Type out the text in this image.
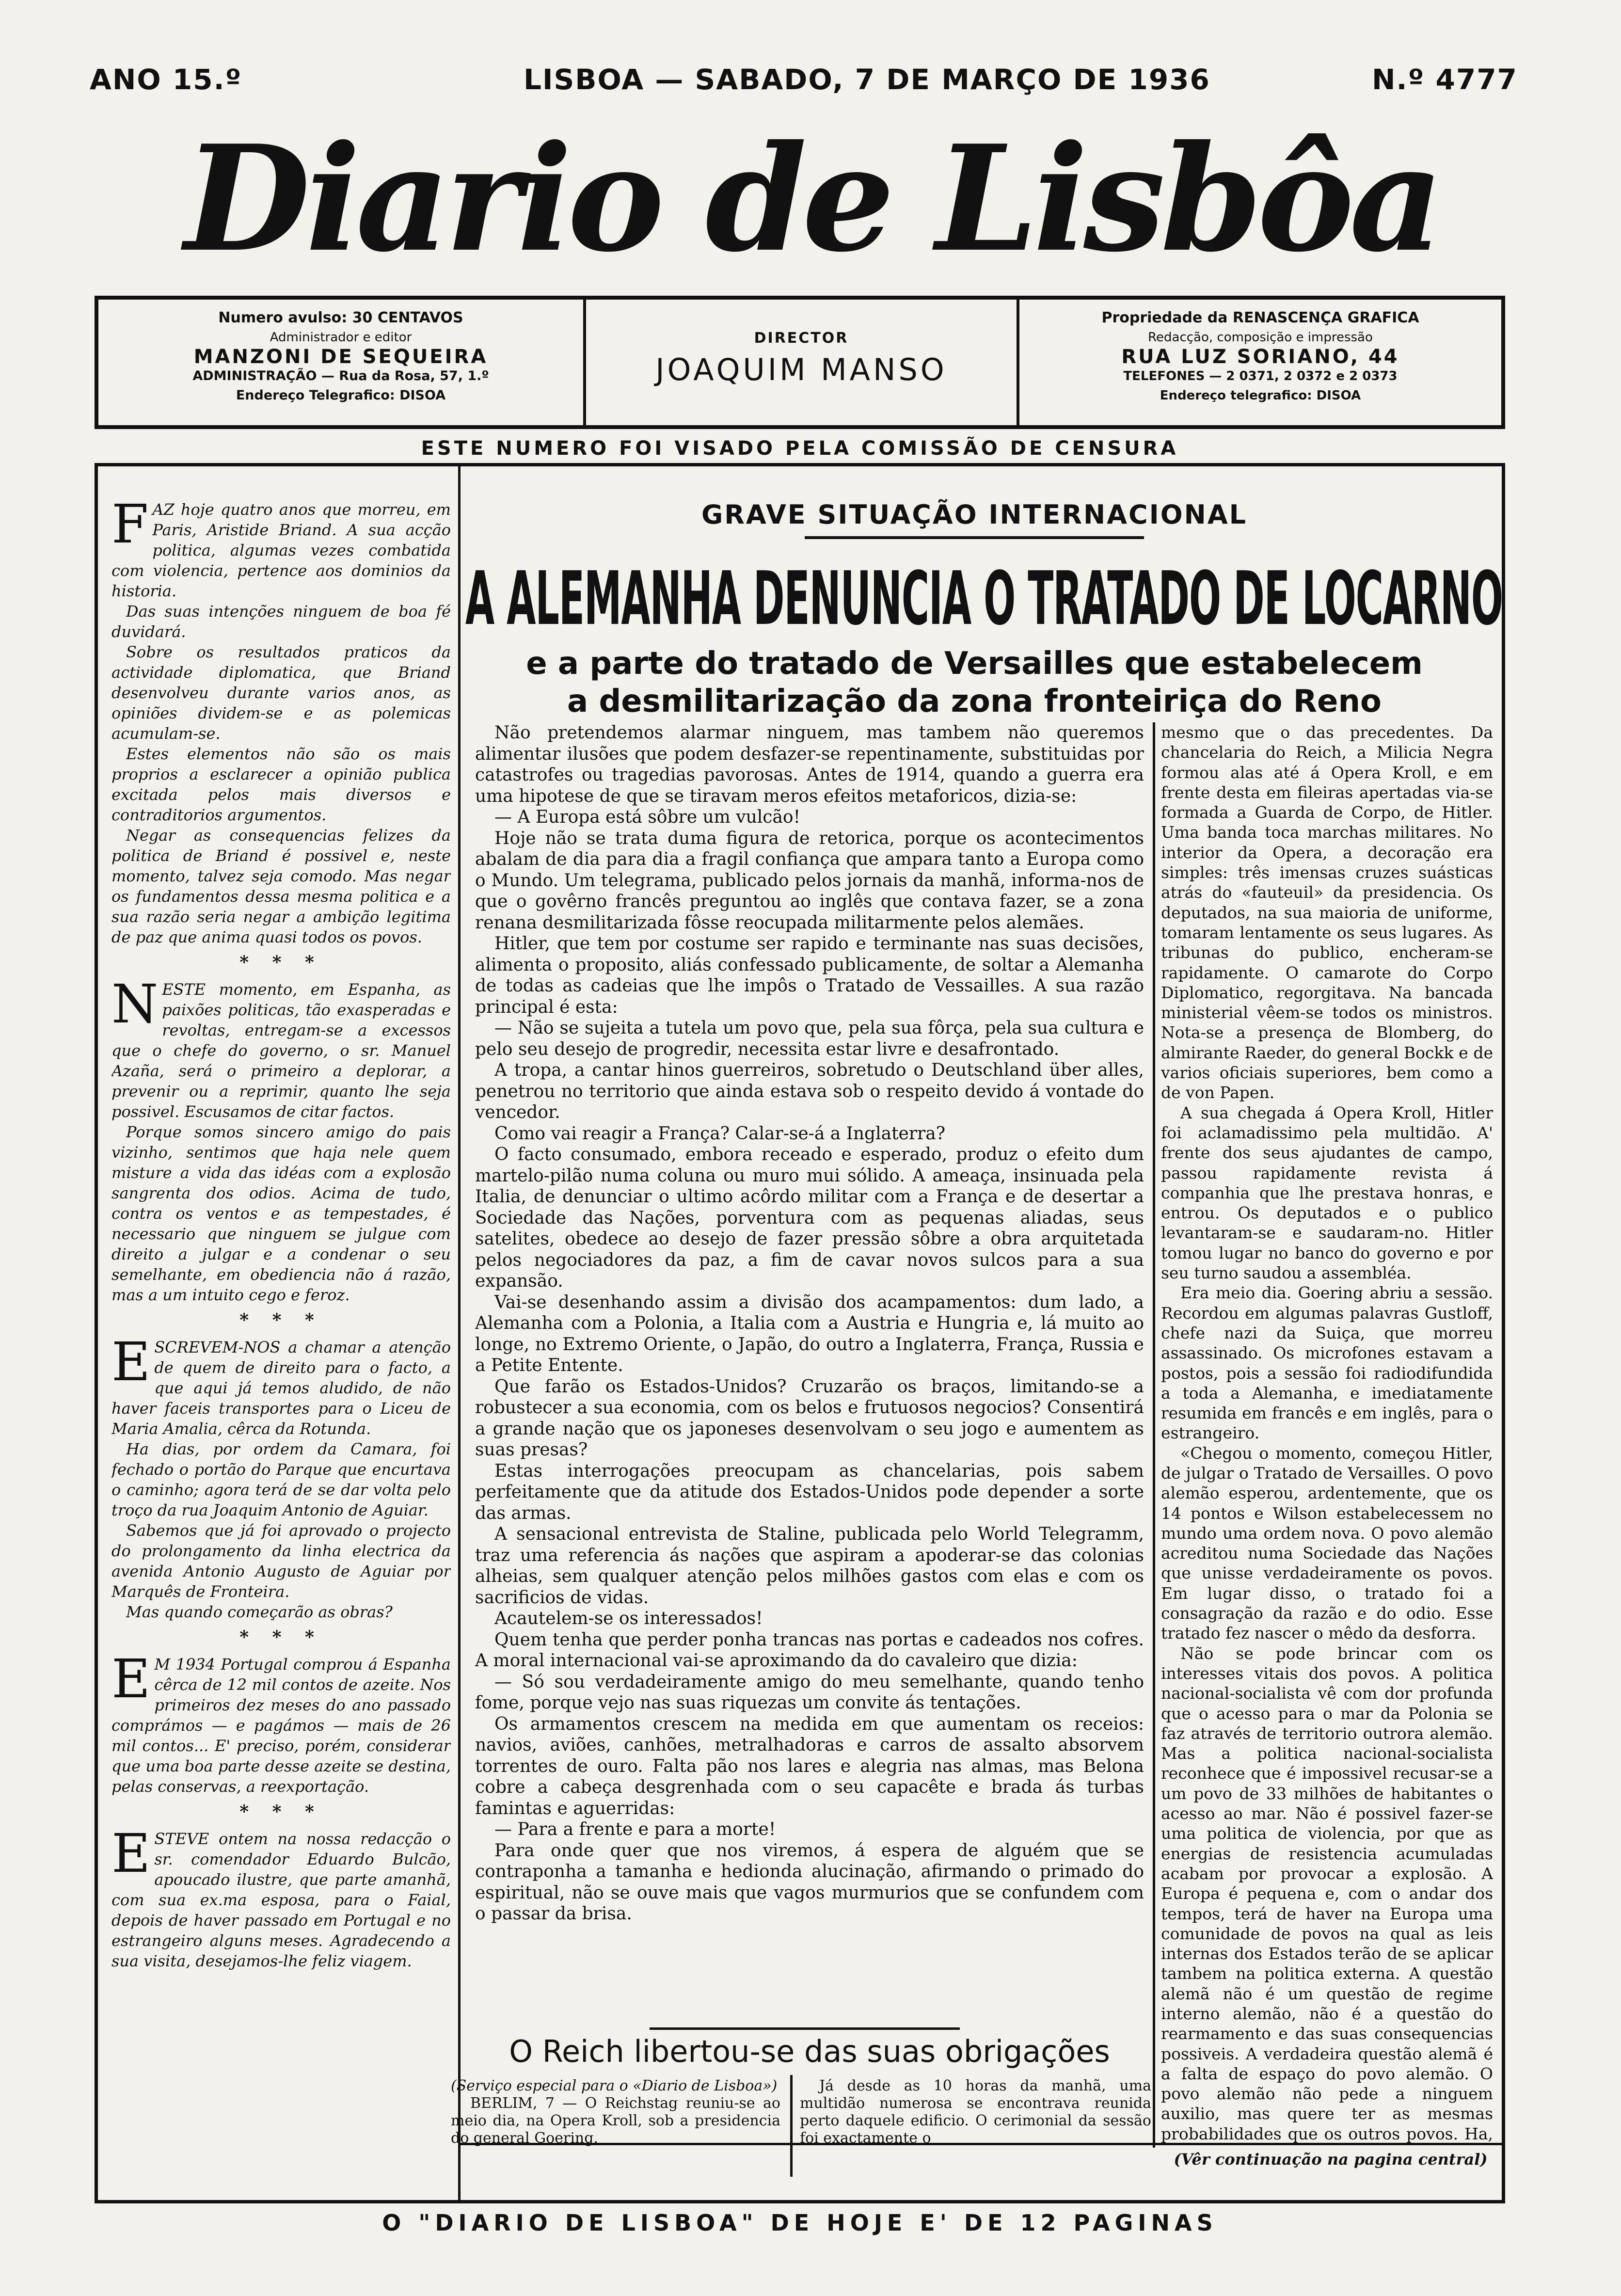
ANO 15.º	LISBOA — SABADO, 7 DE MARÇO DE 1936	N.º 4777
Diario de Lisbôa
Numero avulso: 30 CENTAVOS
Administrador e editor
MANZONI DE SEQUEIRA
ADMINISTRAÇÃO — Rua da Rosa, 57, 1.º
Endereço Telegrafico: DISOA
DIRECTOR
JOAQUIM MANSO
Propriedade da RENASCENÇA GRAFICA
Redacção, composição e impressão
RUA LUZ SORIANO, 44
TELEFONES — 2 0371, 2 0372 e 2 0373
Endereço telegrafico: DISOA
ESTE NUMERO FOI VISADO PELA COMISSÃO DE CENSURA

FAZ hoje quatro anos que morreu, em Paris, Aristide Briand. A sua acção politica, algumas vezes combatida com violencia, pertence aos dominios da historia.

Das suas intenções ninguem de boa fé duvidará.

Sobre os resultados praticos da actividade diplomatica, que Briand desenvolveu durante varios anos, as opiniões dividem-se e as polemicas acumulam-se.

Estes elementos não são os mais proprios a esclarecer a opinião publica excitada pelos mais diversos e contraditorios argumentos.

Negar as consequencias felizes da politica de Briand é possivel e, neste momento, talvez seja comodo. Mas negar os fundamentos dessa mesma politica e a sua razão seria negar a ambição legitima de paz que anima quasi todos os povos.

* * *

NESTE momento, em Espanha, as paixões politicas, tão exasperadas e revoltas, entregam-se a excessos que o chefe do governo, o sr. Manuel Azaña, será o primeiro a deplorar, a prevenir ou a reprimir, quanto lhe seja possivel. Escusamos de citar factos.

Porque somos sincero amigo do pais vizinho, sentimos que haja nele quem misture a vida das idéas com a explosão sangrenta dos odios. Acima de tudo, contra os ventos e as tempestades, é necessario que ninguem se julgue com direito a julgar e a condenar o seu semelhante, em obediencia não á razão, mas a um intuito cego e feroz.

* * *

ESCREVEM-NOS a chamar a atenção de quem de direito para o facto, a que aqui já temos aludido, de não haver faceis transportes para o Liceu de Maria Amalia, cêrca da Rotunda.

Ha dias, por ordem da Camara, foi fechado o portão do Parque que encurtava o caminho; agora terá de se dar volta pelo troço da rua Joaquim Antonio de Aguiar.

Sabemos que já foi aprovado o projecto do prolongamento da linha electrica da avenida Antonio Augusto de Aguiar por Marquês de Fronteira.

Mas quando começarão as obras?

* * *

E M 1934 Portugal comprou á Espanha cêrca de 12 mil contos de azeite. Nos primeiros dez meses do ano passado comprámos — e pagámos — mais de 26 mil contos... E' preciso, porém, considerar que uma boa parte desse azeite se destina, pelas conservas, a reexportação.

* * *

ESTEVE ontem na nossa redacção o sr. comendador Eduardo Bulcão, apoucado ilustre, que parte amanhã, com sua ex.ma esposa, para o Faial, depois de haver passado em Portugal e no estrangeiro alguns meses. Agradecendo a sua visita, desejamos-lhe feliz viagem.

GRAVE SITUAÇÃO INTERNACIONAL
A ALEMANHA DENUNCIA O TRATADO DE LOCARNO
e a parte do tratado de Versailles que estabelecem
a desmilitarização da zona fronteiriça do Reno

Não pretendemos alarmar ninguem, mas tambem não queremos alimentar ilusões que podem desfazer-se repentinamente, substituidas por catastrofes ou tragedias pavorosas. Antes de 1914, quando a guerra era uma hipotese de que se tiravam meros efeitos metaforicos, dizia-se:

— A Europa está sôbre um vulcão!

Hoje não se trata duma figura de retorica, porque os acontecimentos abalam de dia para dia a fragil confiança que ampara tanto a Europa como o Mundo. Um telegrama, publicado pelos jornais da manhã, informa-nos de que o govêrno francês preguntou ao inglês que contava fazer, se a zona renana desmilitarizada fôsse reocupada militarmente pelos alemães.

Hitler, que tem por costume ser rapido e terminante nas suas decisões, alimenta o proposito, aliás confessado publicamente, de soltar a Alemanha de todas as cadeias que lhe impôs o Tratado de Vessailles. A sua razão principal é esta:

— Não se sujeita a tutela um povo que, pela sua fôrça, pela sua cultura e pelo seu desejo de progredir, necessita estar livre e desafrontado.

A tropa, a cantar hinos guerreiros, sobretudo o Deutschland über alles, penetrou no territorio que ainda estava sob o respeito devido á vontade do vencedor.

Como vai reagir a França? Calar-se-á a Inglaterra?

O facto consumado, embora receado e esperado, produz o efeito dum martelo-pilão numa coluna ou muro mui sólido. A ameaça, insinuada pela Italia, de denunciar o ultimo acôrdo militar com a França e de desertar a Sociedade das Nações, porventura com as pequenas aliadas, seus satelites, obedece ao desejo de fazer pressão sôbre a obra arquitetada pelos negociadores da paz, a fim de cavar novos sulcos para a sua expansão.

Vai-se desenhando assim a divisão dos acampamentos: dum lado, a Alemanha com a Polonia, a Italia com a Austria e Hungria e, lá muito ao longe, no Extremo Oriente, o Japão, do outro a Inglaterra, França, Russia e a Petite Entente.

Que farão os Estados-Unidos? Cruzarão os braços, limitando-se a robustecer a sua economia, com os belos e frutuosos negocios? Consentirá a grande nação que os japoneses desenvolvam o seu jogo e aumentem as suas presas?

Estas interrogações preocupam as chancelarias, pois sabem perfeitamente que da atitude dos Estados-Unidos pode depender a sorte das armas.

A sensacional entrevista de Staline, publicada pelo World Telegramm, traz uma referencia ás nações que aspiram a apoderar-se das colonias alheias, sem qualquer atenção pelos milhões gastos com elas e com os sacrificios de vidas.

Acautelem-se os interessados!

Quem tenha que perder ponha trancas nas portas e cadeados nos cofres. A moral internacional vai-se aproximando da do cavaleiro que dizia:

— Só sou verdadeiramente amigo do meu semelhante, quando tenho fome, porque vejo nas suas riquezas um convite ás tentações.

Os armamentos crescem na medida em que aumentam os receios: navios, aviões, canhões, metralhadoras e carros de assalto absorvem torrentes de ouro. Falta pão nos lares e alegria nas almas, mas Belona cobre a cabeça desgrenhada com o seu capacête e brada ás turbas famintas e aguerridas:

— Para a frente e para a morte!

Para onde quer que nos viremos, á espera de alguém que se contraponha a tamanha e hedionda alucinação, afirmando o primado do espiritual, não se ouve mais que vagos murmurios que se confundem com o passar da brisa.

mesmo que o das precedentes. Da chancelaria do Reich, a Milicia Negra formou alas até á Opera Kroll, e em frente desta em fileiras apertadas via-se formada a Guarda de Corpo, de Hitler. Uma banda toca marchas militares. No interior da Opera, a decoração era simples: três imensas cruzes suásticas atrás do «fauteuil» da presidencia. Os deputados, na sua maioria de uniforme, tomaram lentamente os seus lugares. As tribunas do publico, encheram-se rapidamente. O camarote do Corpo Diplomatico, regorgitava. Na bancada ministerial vêem-se todos os ministros. Nota-se a presença de Blomberg, do almirante Raeder, do general Bockk e de varios oficiais superiores, bem como a de von Papen.

A sua chegada á Opera Kroll, Hitler foi aclamadissimo pela multidão. A' frente dos seus ajudantes de campo, passou rapidamente revista á companhia que lhe prestava honras, e entrou. Os deputados e o publico levantaram-se e saudaram-no. Hitler tomou lugar no banco do governo e por seu turno saudou a assembléa.

Era meio dia. Goering abriu a sessão. Recordou em algumas palavras Gustloff, chefe nazi da Suiça, que morreu assassinado. Os microfones estavam a postos, pois a sessão foi radiodifundida a toda a Alemanha, e imediatamente resumida em francês e em inglês, para o estrangeiro.

«Chegou o momento, começou Hitler, de julgar o Tratado de Versailles. O povo alemão esperou, ardentemente, que os 14 pontos e Wilson estabelecessem no mundo uma ordem nova. O povo alemão acreditou numa Sociedade das Nações que unisse verdadeiramente os povos. Em lugar disso, o tratado foi a consagração da razão e do odio. Esse tratado fez nascer o mêdo da desforra.

Não se pode brincar com os interesses vitais dos povos. A politica nacional-socialista vê com dor profunda que o acesso para o mar da Polonia se faz através de territorio outrora alemão. Mas a politica nacional-socialista reconhece que é impossivel recusar-se a um povo de 33 milhões de habitantes o acesso ao mar. Não é possivel fazer-se uma politica de violencia, por que as energias de resistencia acumuladas acabam por provocar a explosão. A Europa é pequena e, com o andar dos tempos, terá de haver na Europa uma comunidade de povos na qual as leis internas dos Estados terão de se aplicar tambem na politica externa. A questão alemã não é um questão de regime interno alemão, não é a questão do rearmamento e das suas consequencias possiveis. A verdadeira questão alemã é a falta de espaço do povo alemão. O povo alemão não pede a ninguem auxilio, mas quere ter as mesmas probabilidades que os outros povos. Ha,

O Reich libertou-se das suas obrigações

(Serviço especial para o «Diario de Lisboa»)

BERLIM, 7 — O Reichstag reuniu-se ao meio dia, na Opera Kroll, sob a presidencia do general Goering.

Já desde as 10 horas da manhã, uma multidão numerosa se encontrava reunida perto daquele edificio. O cerimonial da sessão foi exactamente o

(Vêr continuação na pagina central)
O "DIARIO DE LISBOA" DE HOJE E' DE 12 PAGINAS
